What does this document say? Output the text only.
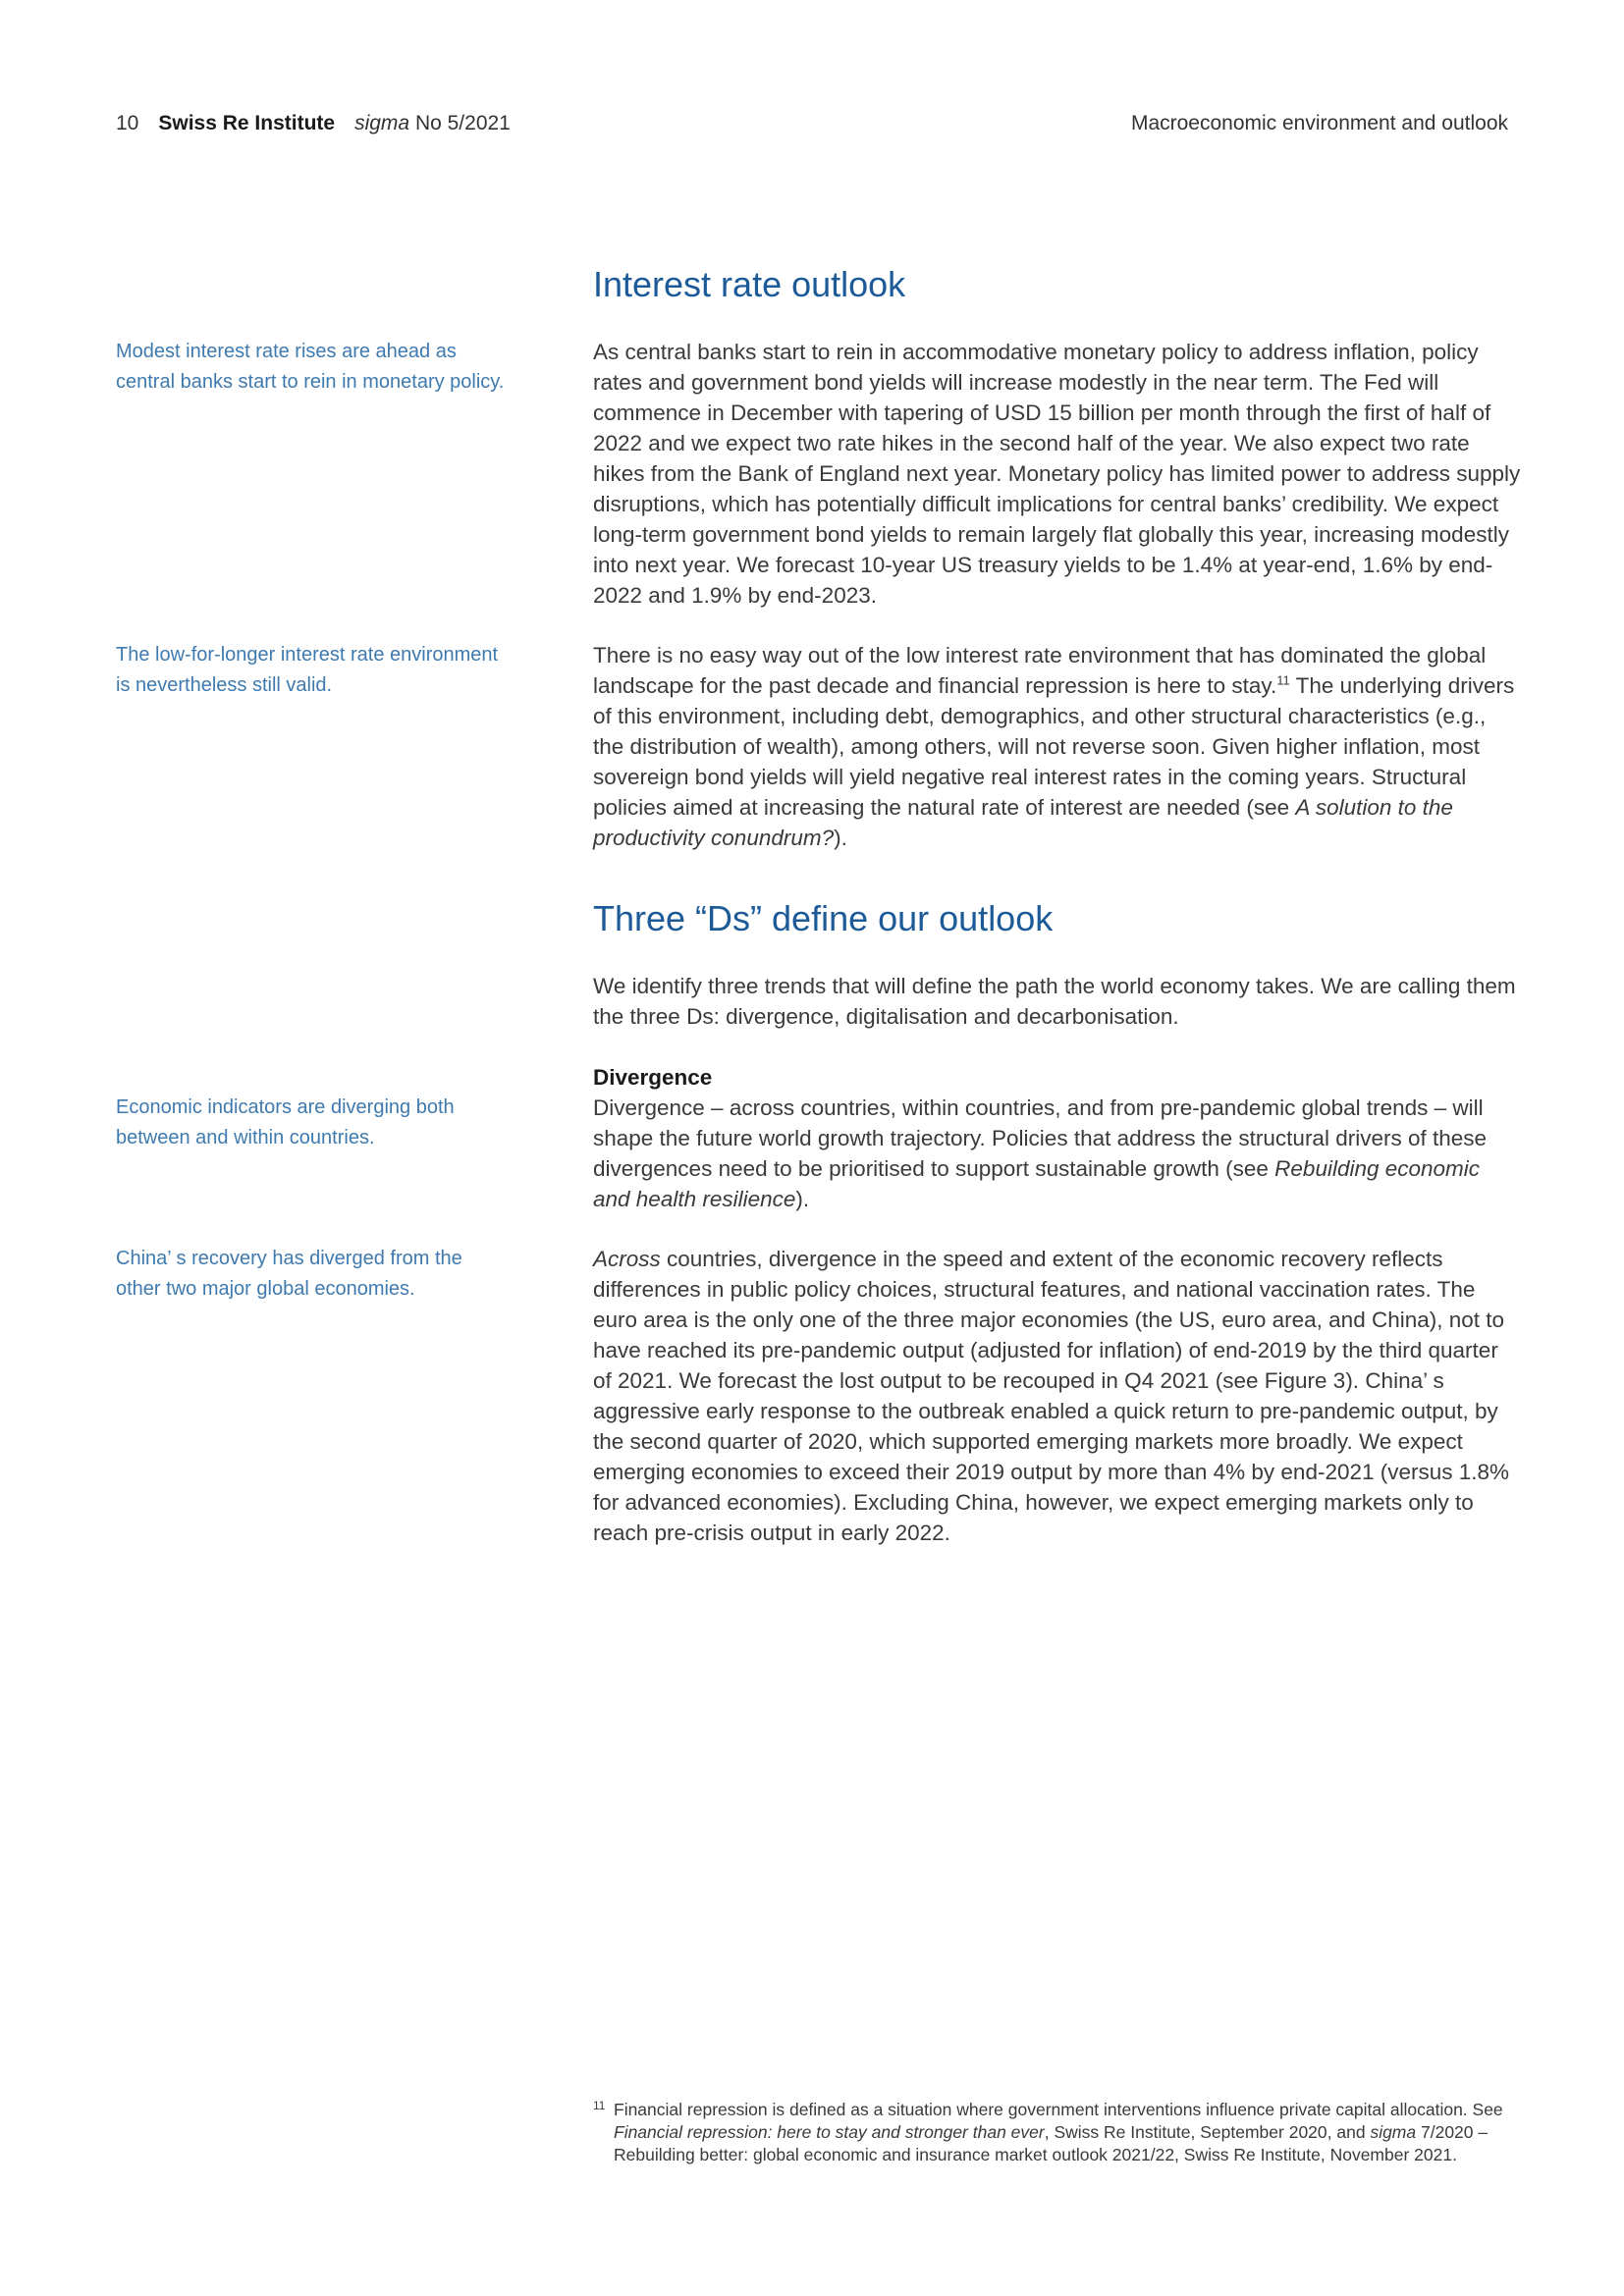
10 Swiss Re Institute sigma No 5/2021	Macroeconomic environment and outlook
Modest interest rate rises are ahead as central banks start to rein in monetary policy.
The low-for-longer interest rate environment is nevertheless still valid.
Economic indicators are diverging both between and within countries.
China’ s recovery has diverged from the other two major global economies.
Interest rate outlook

As central banks start to rein in accommodative monetary policy to address inflation, policy rates and government bond yields will increase modestly in the near term. The Fed will commence in December with tapering of USD 15 billion per month through the first of half of 2022 and we expect two rate hikes in the second half of the year. We also expect two rate hikes from the Bank of England next year. Monetary policy has limited power to address supply disruptions, which has potentially difficult implications for central banks’ credibility. We expect long-term government bond yields to remain largely flat globally this year, increasing modestly into next year. We forecast 10-year US treasury yields to be 1.4% at year-end, 1.6% by end-2022 and 1.9% by end-2023.

There is no easy way out of the low interest rate environment that has dominated the global landscape for the past decade and financial repression is here to stay.$^{11}$ The underlying drivers of this environment, including debt, demographics, and other structural characteristics (e.g., the distribution of wealth), among others, will not reverse soon. Given higher inflation, most sovereign bond yields will yield negative real interest rates in the coming years. Structural policies aimed at increasing the natural rate of interest are needed (see A solution to the productivity conundrum?).

Three “Ds” define our outlook

We identify three trends that will define the path the world economy takes. We are calling them the three Ds: divergence, digitalisation and decarbonisation.

Divergence

Divergence – across countries, within countries, and from pre-pandemic global trends – will shape the future world growth trajectory. Policies that address the structural drivers of these divergences need to be prioritised to support sustainable growth (see Rebuilding economic and health resilience).

Across countries, divergence in the speed and extent of the economic recovery reflects differences in public policy choices, structural features, and national vaccination rates. The euro area is the only one of the three major economies (the US, euro area, and China), not to have reached its pre-pandemic output (adjusted for inflation) of end-2019 by the third quarter of 2021. We forecast the lost output to be recouped in Q4 2021 (see Figure 3). China’ s aggressive early response to the outbreak enabled a quick return to pre-pandemic output, by the second quarter of 2020, which supported emerging markets more broadly. We expect emerging economies to exceed their 2019 output by more than 4% by end-2021 (versus 1.8% for advanced economies). Excluding China, however, we expect emerging markets only to reach pre-crisis output in early 2022.

11 Financial repression is defined as a situation where government interventions influence private capital allocation. See Financial repression: here to stay and stronger than ever, Swiss Re Institute, September 2020, and sigma 7/2020 – Rebuilding better: global economic and insurance market outlook 2021/22, Swiss Re Institute, November 2021.
